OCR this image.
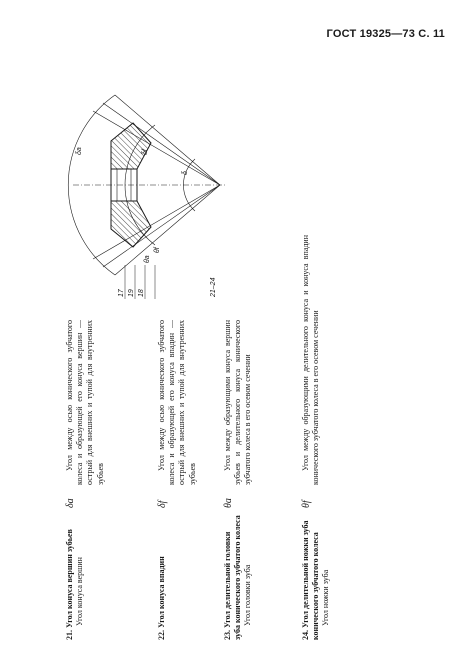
ГОСТ 19325—73 С. 11
21. Угол конуса вершин зубьев Угол конуса вершин
δa
Угол между осью конического зубчатого колеса и образующей его конуса вершин — острый для внешних и тупой для внутренних зубьев
22. Угол конуса впадин
δf
Угол между осью конического зубчатого колеса и образующей его конуса впадин — острый для внешних и тупой для внутренних зубьев
23. Угол делительной головки зуба конического зубчатого колеса Угол головки зуба
θa
Угол между образующими конуса вершин зубьев и делительного конуса конического зубчатого колеса в его осевом сечении
24. Угол делительной ножки зуба конического зубчатого колеса Угол ножки зуба
θf
Угол между образующими делительного конуса и конуса впадин конического зубчатого колеса в его осевом сечении
δa	δf
δ
θa
θf
17 19 18	21–24
